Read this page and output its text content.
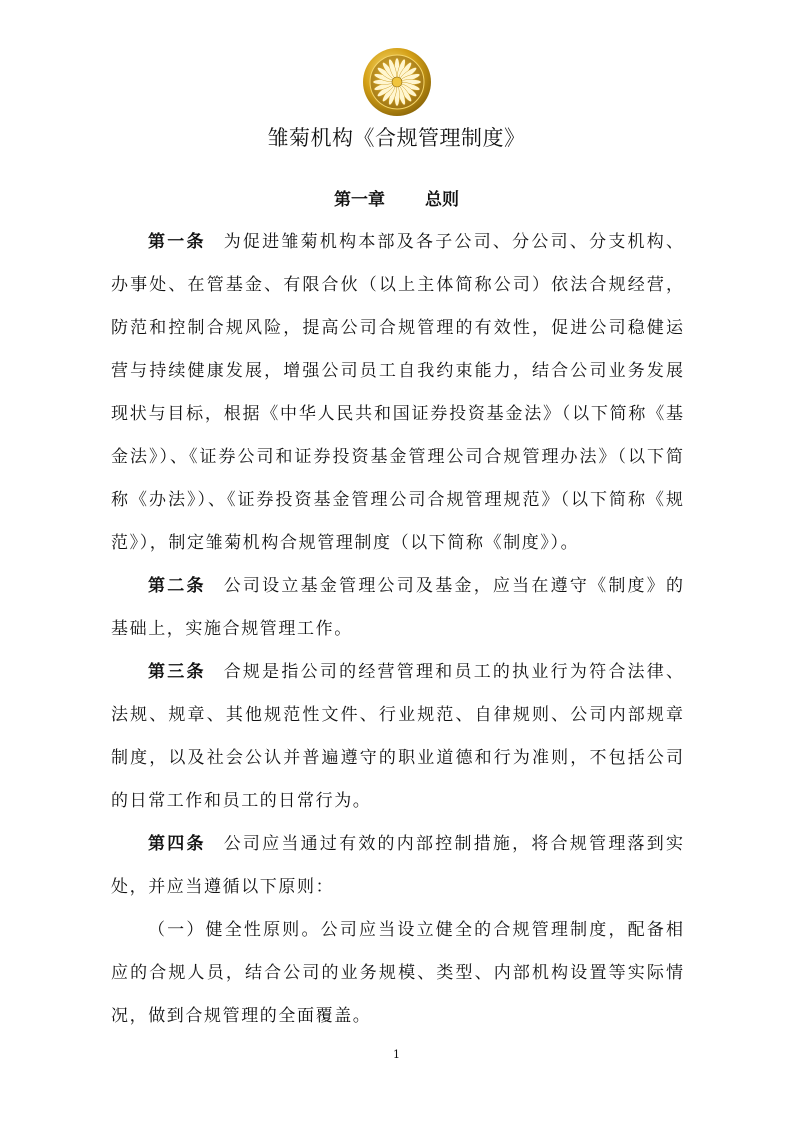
雏菊机构《合规管理制度》
第一章 总则
第一条 为促进雏菊机构本部及各子公司、分公司、分支机构、
办事处、在管基金、有限合伙（以上主体简称公司）依法合规经营，
防范和控制合规风险，提高公司合规管理的有效性，促进公司稳健运
营与持续健康发展，增强公司员工自我约束能力，结合公司业务发展
现状与目标，根据《中华人民共和国证券投资基金法》（以下简称《基
金法》）、《证券公司和证券投资基金管理公司合规管理办法》（以下简
称《办法》）、《证券投资基金管理公司合规管理规范》（以下简称《规
范》），制定雏菊机构合规管理制度（以下简称《制度》）。
第二条 公司设立基金管理公司及基金，应当在遵守《制度》的
基础上，实施合规管理工作。
第三条 合规是指公司的经营管理和员工的执业行为符合法律、
法规、规章、其他规范性文件、行业规范、自律规则、公司内部规章
制度，以及社会公认并普遍遵守的职业道德和行为准则，不包括公司
的日常工作和员工的日常行为。
第四条 公司应当通过有效的内部控制措施，将合规管理落到实
处，并应当遵循以下原则：
（一）健全性原则。公司应当设立健全的合规管理制度，配备相
应的合规人员，结合公司的业务规模、类型、内部机构设置等实际情
况，做到合规管理的全面覆盖。
1
